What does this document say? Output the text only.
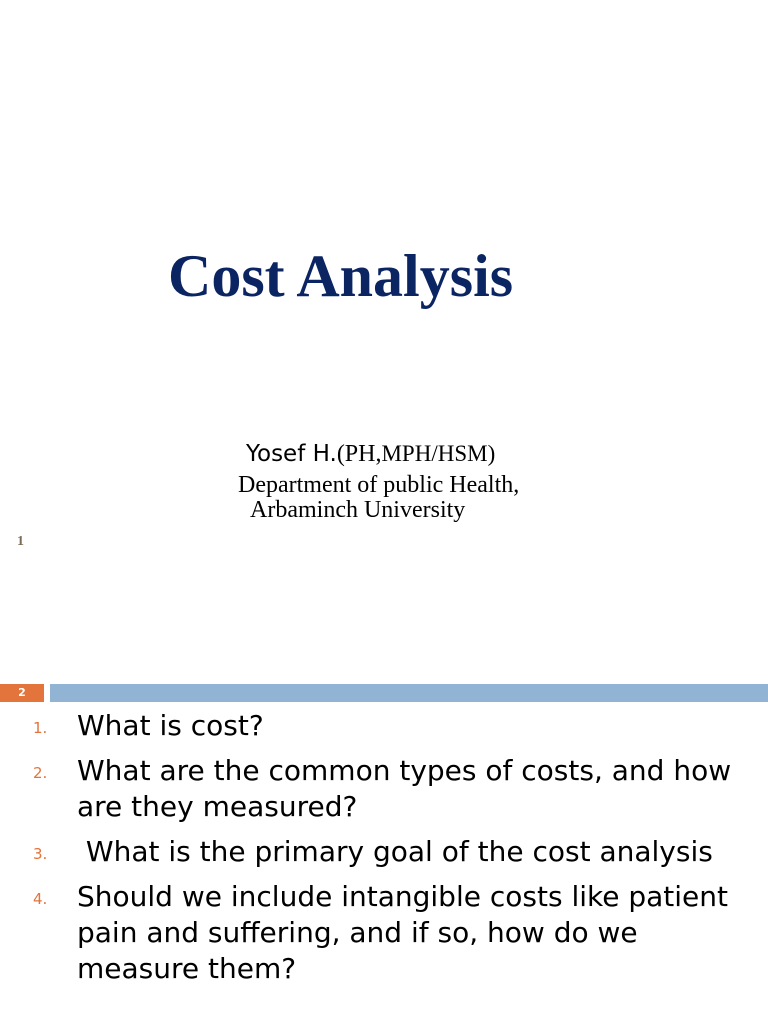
Cost Analysis
Yosef H.(PH,MPH/HSM)
Department of public Health,
Arbaminch University
1
2
1. What is cost?
2. What are the common types of costs, and how are they measured?
3. What is the primary goal of the cost analysis
4. Should we include intangible costs like patient pain and suffering, and if so, how do we measure them?
